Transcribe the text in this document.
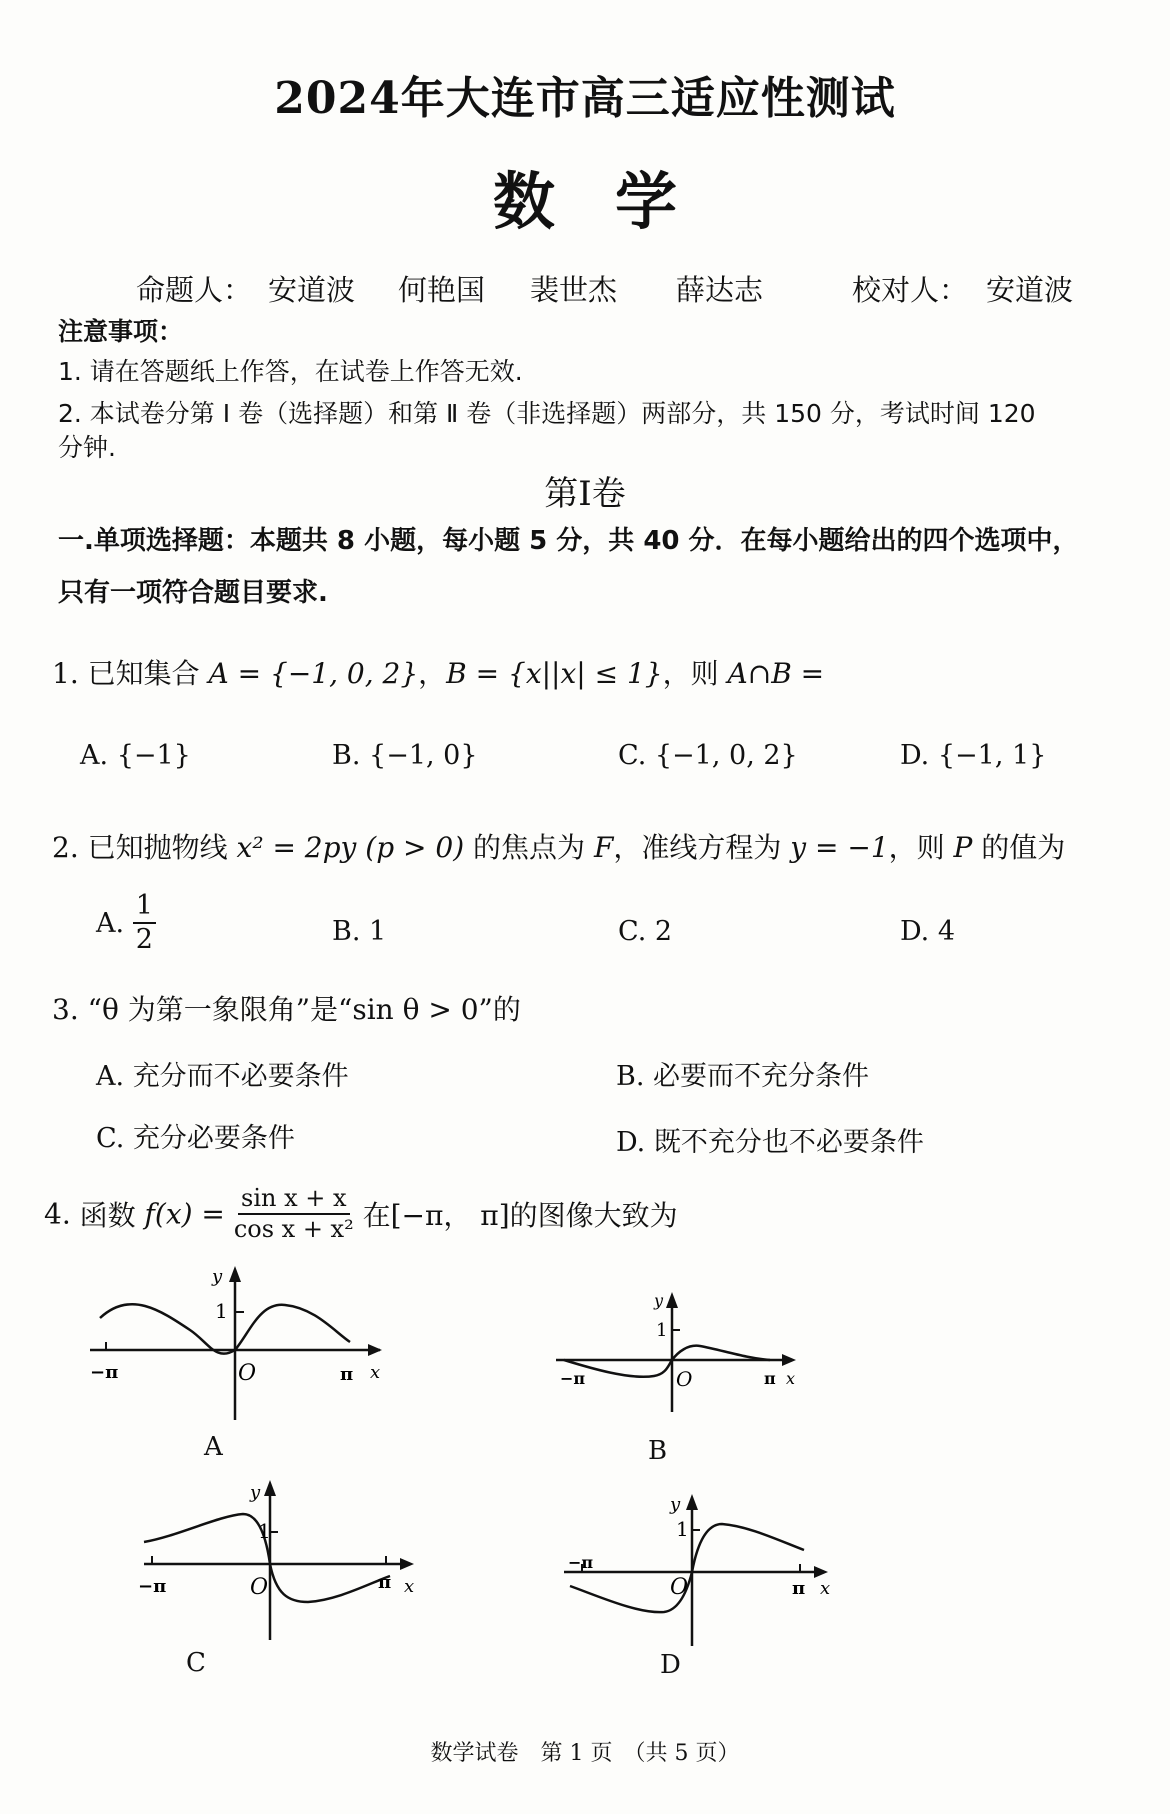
2024年大连市高三适应性测试
数学
命题人： 安道波 何艳国 裴世杰 薛达志	校对人： 安道波
注意事项：
1. 请在答题纸上作答，在试卷上作答无效.
2. 本试卷分第 Ⅰ 卷（选择题）和第 Ⅱ 卷（非选择题）两部分，共 150 分，考试时间 120
分钟.
第Ⅰ卷
一.单项选择题：本题共 8 小题，每小题 5 分，共 40 分．在每小题给出的四个选项中，
只有一项符合题目要求.
1. 已知集合 A = {−1, 0, 2}，B = {x||x| ≤ 1}，则 A∩B =
A. {−1}	B. {−1, 0}	C. {−1, 0, 2}	D. {−1, 1}
2. 已知抛物线 x² = 2py (p > 0) 的焦点为 F，准线方程为 y = −1，则 P 的值为
A. $\frac{1}{2}$	B. 1	C. 2	D. 4
3. “θ 为第一象限角”是“sin θ > 0”的
A. 充分而不必要条件	B. 必要而不充分条件
C. 充分必要条件	D. 既不充分也不必要条件
4. 函数 $f(x) = \frac{\text{sin x + x}}{\text{cos x + x²}}$ 在[−π， π]的图像大致为
y
1
−π	O	π x
A
y
1
−π	O	π x
B
y
1
−π	O	π x
C
y
1
−π
O	π x
D
数学试卷　第 1 页　（共 5 页）
